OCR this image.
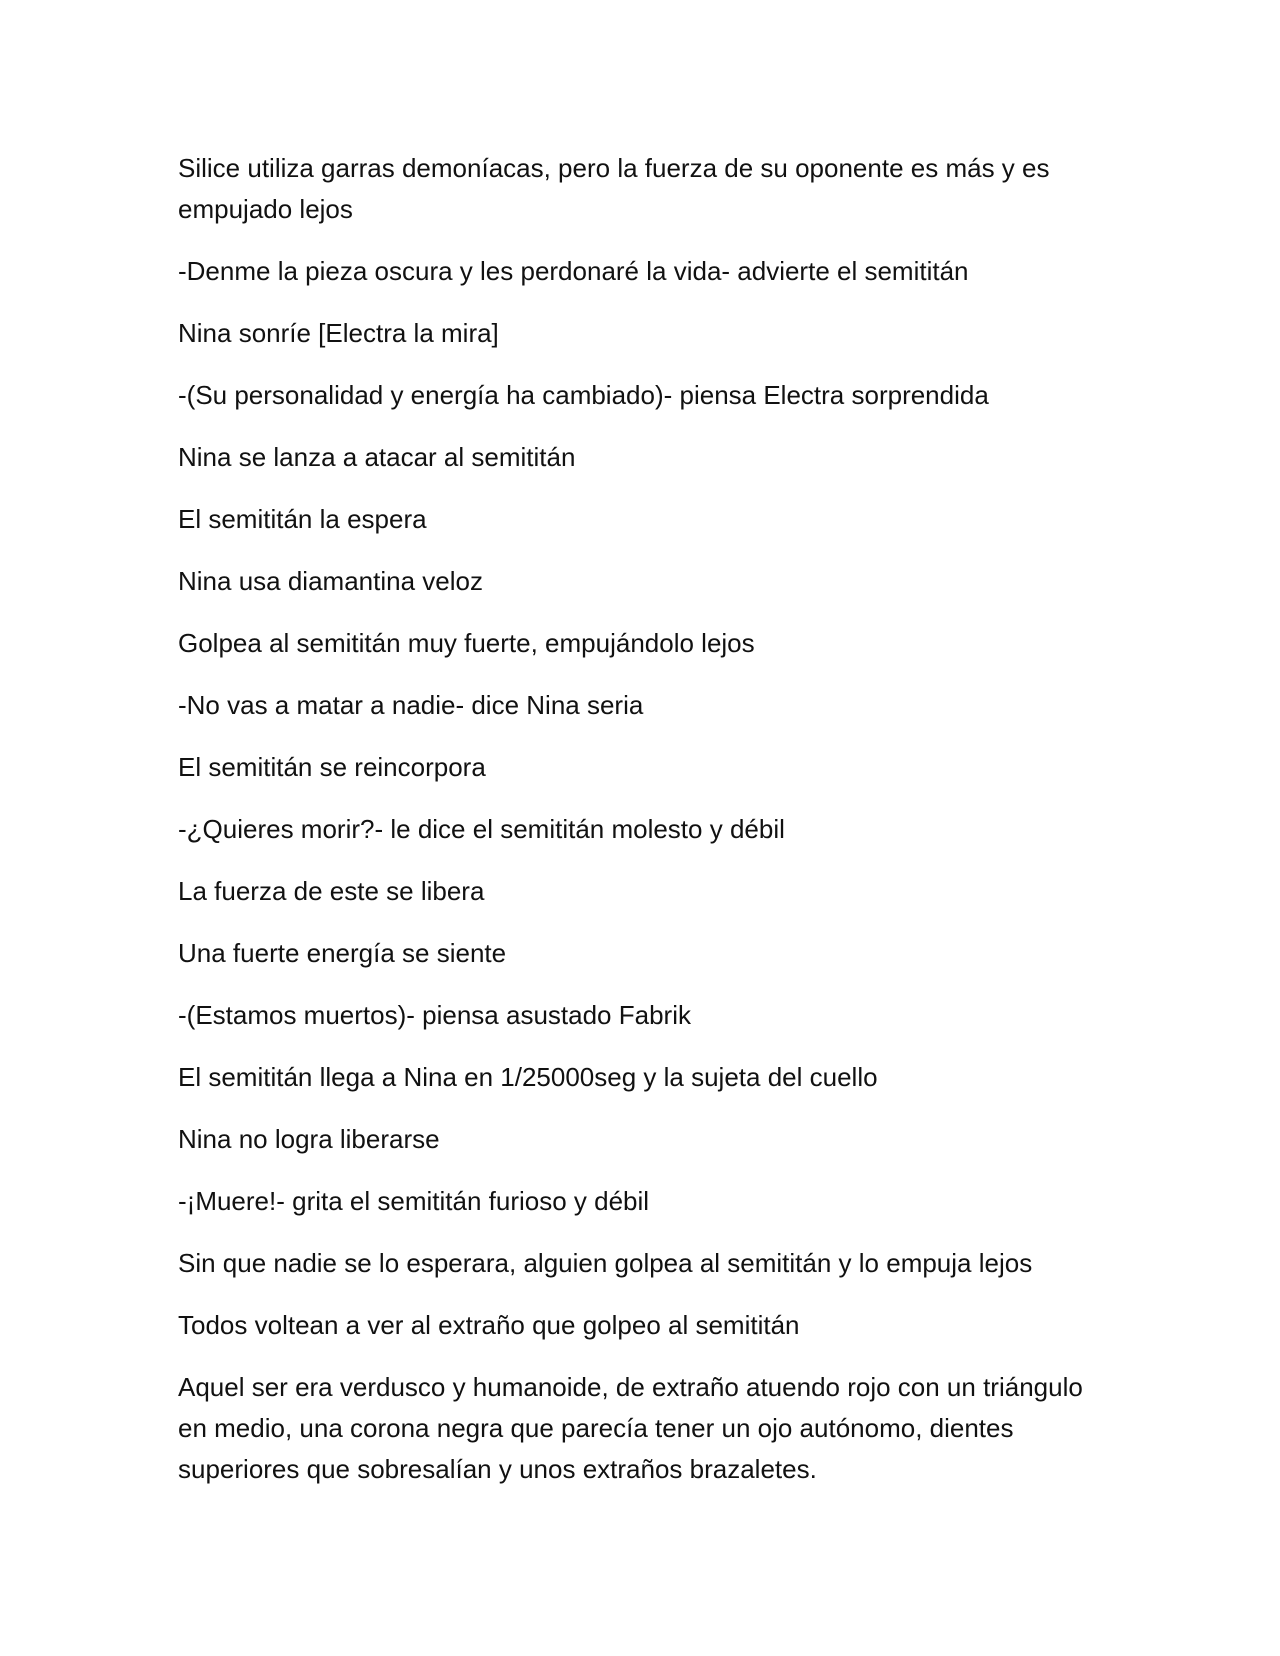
Silice utiliza garras demoníacas, pero la fuerza de su oponente es más y es empujado lejos

-Denme la pieza oscura y les perdonaré la vida- advierte el semititán

Nina sonríe [Electra la mira]

-(Su personalidad y energía ha cambiado)- piensa Electra sorprendida

Nina se lanza a atacar al semititán

El semititán la espera

Nina usa diamantina veloz

Golpea al semititán muy fuerte, empujándolo lejos

-No vas a matar a nadie- dice Nina seria

El semititán se reincorpora

-¿Quieres morir?- le dice el semititán molesto y débil

La fuerza de este se libera

Una fuerte energía se siente

-(Estamos muertos)- piensa asustado Fabrik

El semititán llega a Nina en 1/25000seg y la sujeta del cuello

Nina no logra liberarse

-¡Muere!- grita el semititán furioso y débil

Sin que nadie se lo esperara, alguien golpea al semititán y lo empuja lejos

Todos voltean a ver al extraño que golpeo al semititán

Aquel ser era verdusco y humanoide, de extraño atuendo rojo con un triángulo en medio, una corona negra que parecía tener un ojo autónomo, dientes superiores que sobresalían y unos extraños brazaletes.
